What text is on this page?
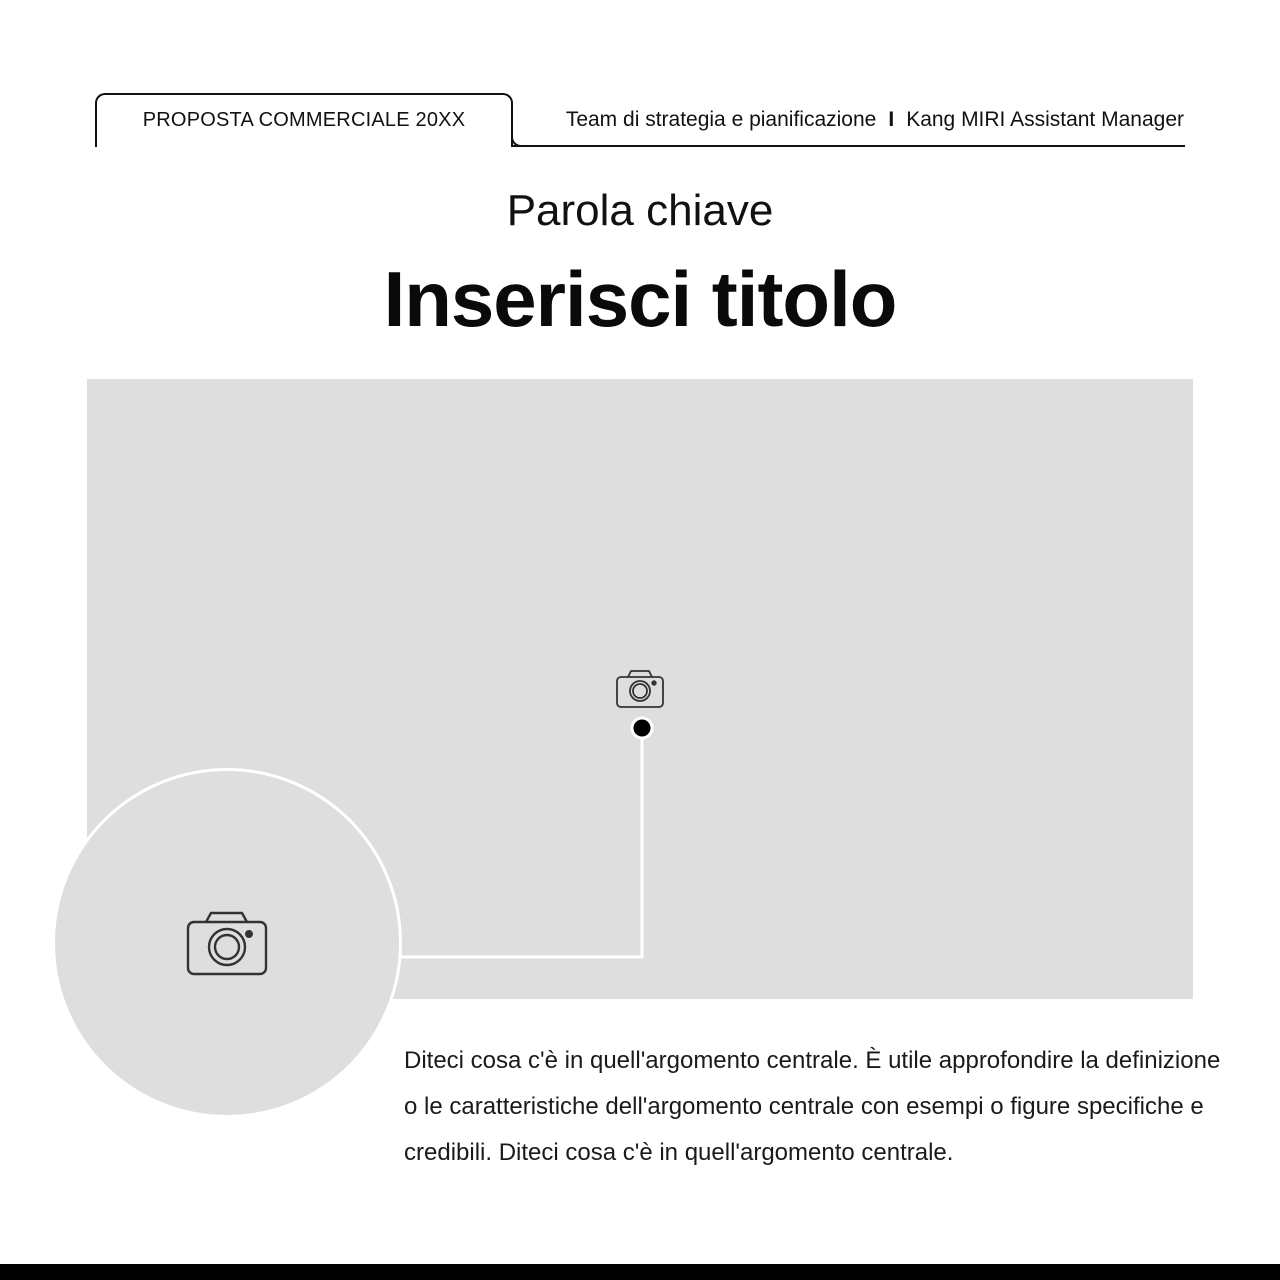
PROPOSTA COMMERCIALE 20XX	Team di strategia e pianificazione I Kang MIRI Assistant Manager
Parola chiave
Inserisci titolo
Diteci cosa c'è in quell'argomento centrale. È utile approfondire la definizione o le caratteristiche dell'argomento centrale con esempi o figure specifiche e credibili. Diteci cosa c'è in quell'argomento centrale.
